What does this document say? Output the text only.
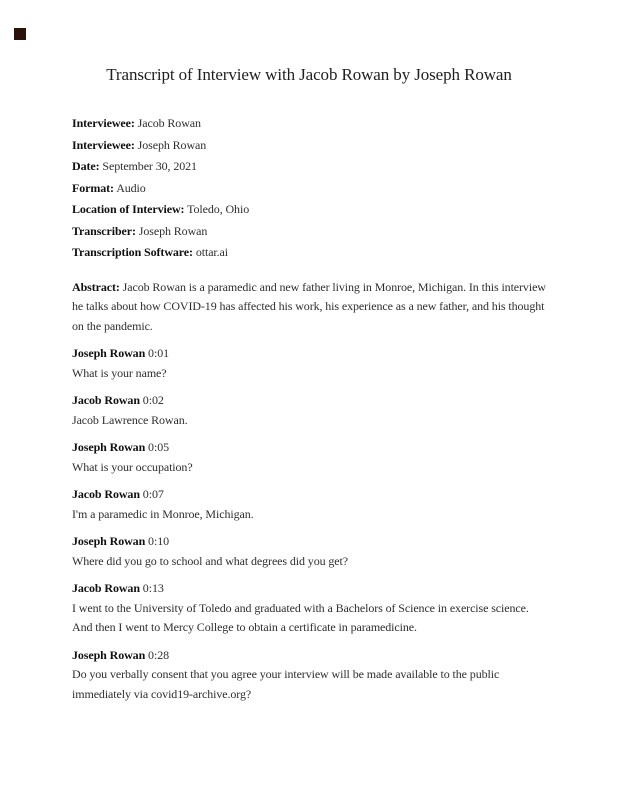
Transcript of Interview with Jacob Rowan by Joseph Rowan

Interviewee: Jacob Rowan

Interviewee: Joseph Rowan

Date: September 30, 2021

Format: Audio

Location of Interview: Toledo, Ohio

Transcriber: Joseph Rowan

Transcription Software: ottar.ai

Abstract: Jacob Rowan is a paramedic and new father living in Monroe, Michigan. In this interview he talks about how COVID-19 has affected his work, his experience as a new father, and his thought on the pandemic.

Joseph Rowan 0:01

What is your name?

Jacob Rowan 0:02

Jacob Lawrence Rowan.

Joseph Rowan 0:05

What is your occupation?

Jacob Rowan 0:07

I'm a paramedic in Monroe, Michigan.

Joseph Rowan 0:10

Where did you go to school and what degrees did you get?

Jacob Rowan 0:13

I went to the University of Toledo and graduated with a Bachelors of Science in exercise science. And then I went to Mercy College to obtain a certificate in paramedicine.

Joseph Rowan 0:28

Do you verbally consent that you agree your interview will be made available to the public immediately via covid19-archive.org?
